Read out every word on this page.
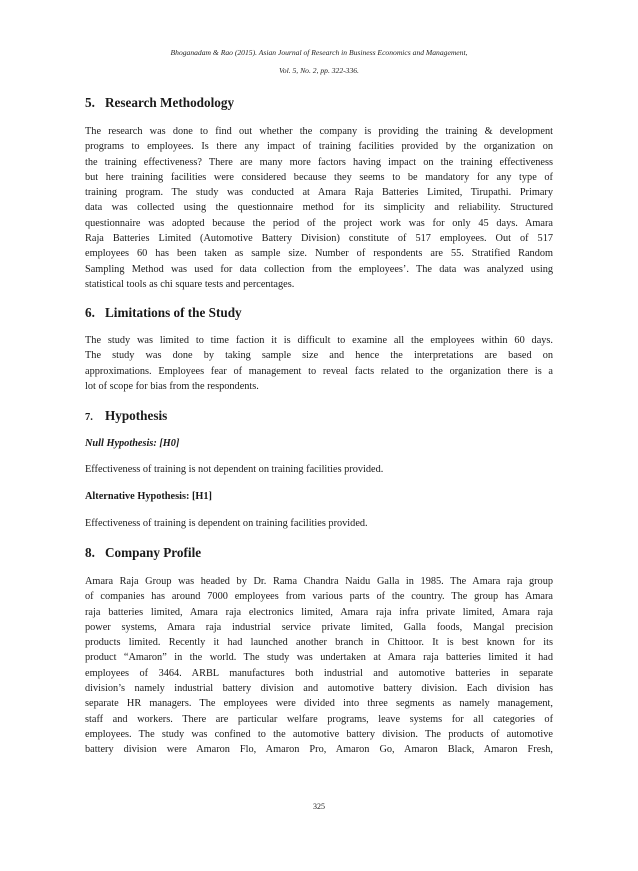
Bhoganadam & Rao (2015). Asian Journal of Research in Business Economics and Management,
Vol. 5, No. 2, pp. 322-336.
5. Research Methodology
The research was done to find out whether the company is providing the training & development
programs to employees. Is there any impact of training facilities provided by the organization on
the training effectiveness? There are many more factors having impact on the training effectiveness
but here training facilities were considered because they seems to be mandatory for any type of
training program. The study was conducted at Amara Raja Batteries Limited, Tirupathi. Primary
data was collected using the questionnaire method for its simplicity and reliability. Structured
questionnaire was adopted because the period of the project work was for only 45 days. Amara
Raja Batteries Limited (Automotive Battery Division) constitute of 517 employees. Out of 517
employees 60 has been taken as sample size. Number of respondents are 55. Stratified Random
Sampling Method was used for data collection from the employees’. The data was analyzed using
statistical tools as chi square tests and percentages.
6. Limitations of the Study
The study was limited to time faction it is difficult to examine all the employees within 60 days.
The study was done by taking sample size and hence the interpretations are based on
approximations. Employees fear of management to reveal facts related to the organization there is a
lot of scope for bias from the respondents.
7. Hypothesis

Null Hypothesis: [H0]

Effectiveness of training is not dependent on training facilities provided.

Alternative Hypothesis: [H1]

Effectiveness of training is dependent on training facilities provided.

8. Company Profile
Amara Raja Group was headed by Dr. Rama Chandra Naidu Galla in 1985. The Amara raja group
of companies has around 7000 employees from various parts of the country. The group has Amara
raja batteries limited, Amara raja electronics limited, Amara raja infra private limited, Amara raja
power systems, Amara raja industrial service private limited, Galla foods, Mangal precision
products limited. Recently it had launched another branch in Chittoor. It is best known for its
product “Amaron” in the world. The study was undertaken at Amara raja batteries limited it had
employees of 3464. ARBL manufactures both industrial and automotive batteries in separate
division’s namely industrial battery division and automotive battery division. Each division has
separate HR managers. The employees were divided into three segments as namely management,
staff and workers. There are particular welfare programs, leave systems for all categories of
employees. The study was confined to the automotive battery division. The products of automotive
battery division were Amaron Flo, Amaron Pro, Amaron Go, Amaron Black, Amaron Fresh,
325
